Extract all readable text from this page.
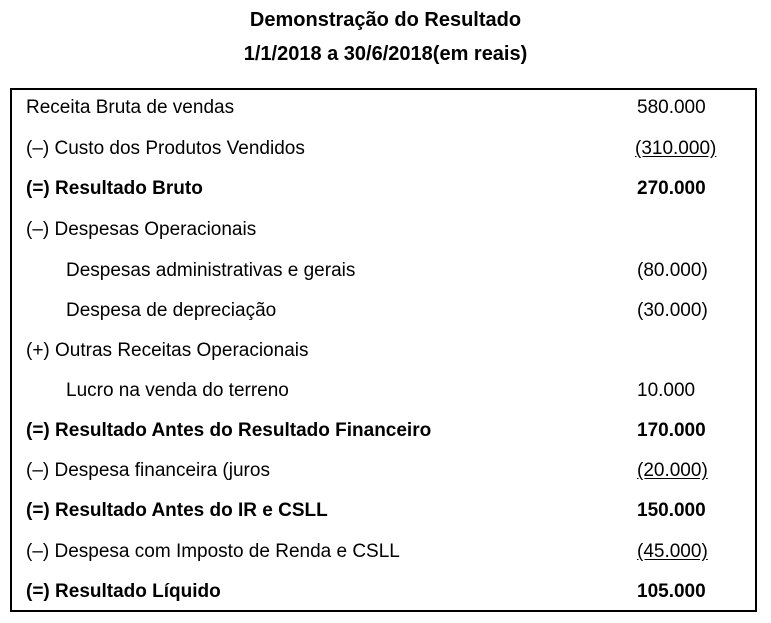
Demonstração do Resultado
1/1/2018 a 30/6/2018(em reais)
Receita Bruta de vendas	580.000
(–) Custo dos Produtos Vendidos	(310.000)
(=) Resultado Bruto	270.000
(–) Despesas Operacionais
Despesas administrativas e gerais	(80.000)
Despesa de depreciação	(30.000)
(+) Outras Receitas Operacionais
Lucro na venda do terreno	10.000
(=) Resultado Antes do Resultado Financeiro	170.000
(–) Despesa financeira (juros	(20.000)
(=) Resultado Antes do IR e CSLL	150.000
(–) Despesa com Imposto de Renda e CSLL	(45.000)
(=) Resultado Líquido	105.000
